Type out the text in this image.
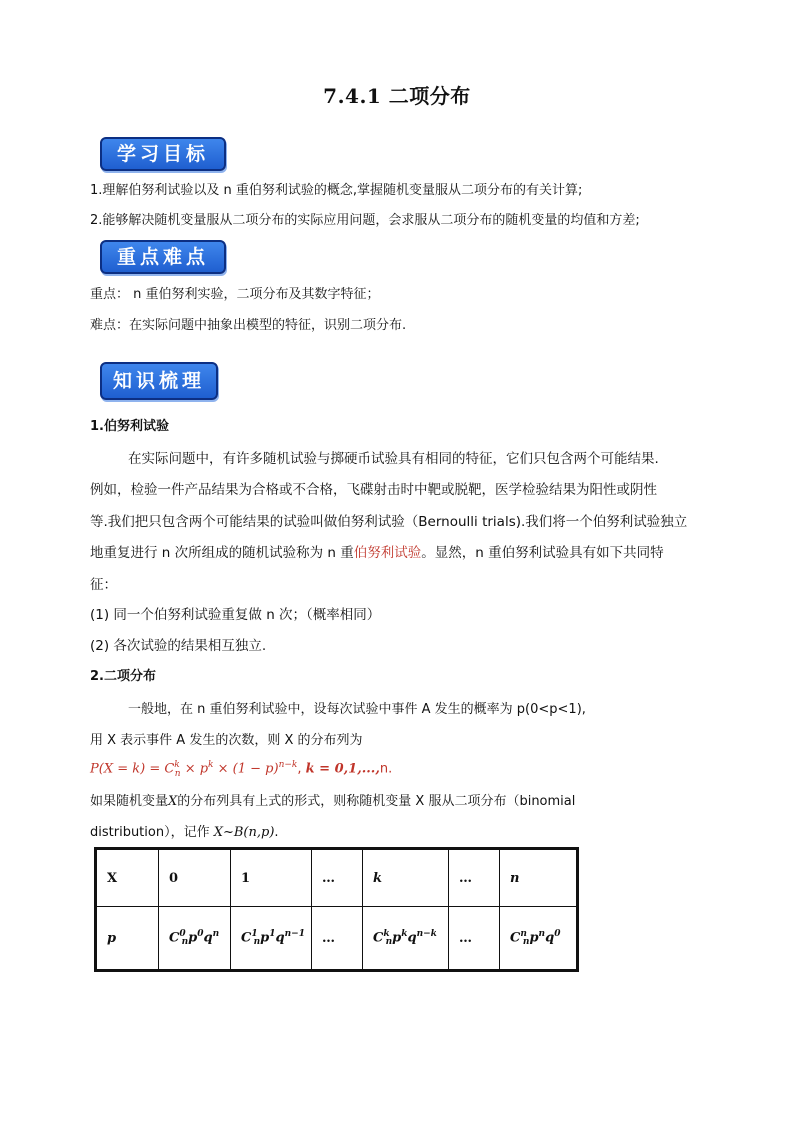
7.4.1 二项分布
学习目标
1.理解伯努利试验以及 n 重伯努利试验的概念,掌握随机变量服从二项分布的有关计算;
2.能够解决随机变量服从二项分布的实际应用问题，会求服从二项分布的随机变量的均值和方差;
重点难点
重点： n 重伯努利实验，二项分布及其数字特征；
难点：在实际问题中抽象出模型的特征，识别二项分布.
知识梳理
1.伯努利试验
在实际问题中，有许多随机试验与掷硬币试验具有相同的特征，它们只包含两个可能结果.
例如，检验一件产品结果为合格或不合格，飞碟射击时中靶或脱靶，医学检验结果为阳性或阴性
等.我们把只包含两个可能结果的试验叫做伯努利试验（Bernoulli trials).我们将一个伯努利试验独立
地重复进行 n 次所组成的随机试验称为 n 重伯努利试验。显然，n 重伯努利试验具有如下共同特
征：
(1) 同一个伯努利试验重复做 n 次；（概率相同）
(2) 各次试验的结果相互独立.
2.二项分布
一般地，在 n 重伯努利试验中，设每次试验中事件 A 发生的概率为 p(0<p<1),
用 X 表示事件 A 发生的次数，则 X 的分布列为
$P(X = k) = C^k_n \times p^k \times (1 - p)^{n-k}$, k = 0,1,...,n.
如果随机变量X的分布列具有上式的形式，则称随机变量 X 服从二项分布（binomial
distribution），记作 X~B(n,p).
X	0	1	…	k	…	n
p	$C^0_np^0q^n$	$C^1_np^1q^{n-1}$	…	$C^k_np^kq^{n-k}$	…	$C^n_np^nq^0$
